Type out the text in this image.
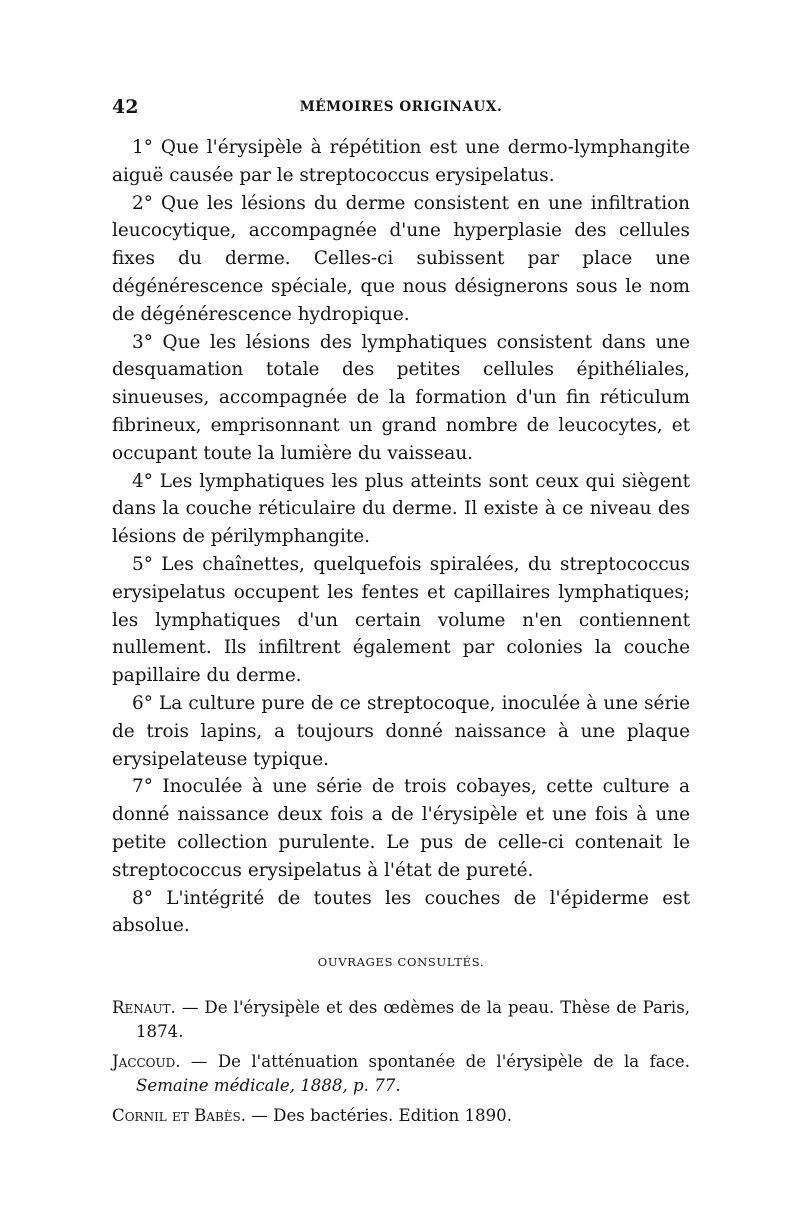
42	MÉMOIRES ORIGINAUX.

1° Que l'érysipèle à répétition est une dermo-lymphangite aiguë causée par le streptococcus erysipelatus.

2° Que les lésions du derme consistent en une infiltration leucocytique, accompagnée d'une hyperplasie des cellules fixes du derme. Celles-ci subissent par place une dégénérescence spéciale, que nous désignerons sous le nom de dégénérescence hydropique.

3° Que les lésions des lymphatiques consistent dans une desquamation totale des petites cellules épithéliales, sinueuses, accompagnée de la formation d'un fin réticulum fibrineux, emprisonnant un grand nombre de leucocytes, et occupant toute la lumière du vaisseau.

4° Les lymphatiques les plus atteints sont ceux qui siègent dans la couche réticulaire du derme. Il existe à ce niveau des lésions de périlymphangite.

5° Les chaînettes, quelquefois spiralées, du streptococcus erysipelatus occupent les fentes et capillaires lymphatiques; les lymphatiques d'un certain volume n'en contiennent nullement. Ils infiltrent également par colonies la couche papillaire du derme.

6° La culture pure de ce streptocoque, inoculée à une série de trois lapins, a toujours donné naissance à une plaque erysipelateuse typique.

7° Inoculée à une série de trois cobayes, cette culture a donné naissance deux fois a de l'érysipèle et une fois à une petite collection purulente. Le pus de celle-ci contenait le streptococcus erysipelatus à l'état de pureté.

8° L'intégrité de toutes les couches de l'épiderme est absolue.

OUVRAGES CONSULTÉS.
Renaut. — De l'érysipèle et des œdèmes de la peau. Thèse de Paris, 1874.
Jaccoud. — De l'atténuation spontanée de l'érysipèle de la face. Semaine médicale, 1888, p. 77.
Cornil et Babès. — Des bactéries. Edition 1890.
